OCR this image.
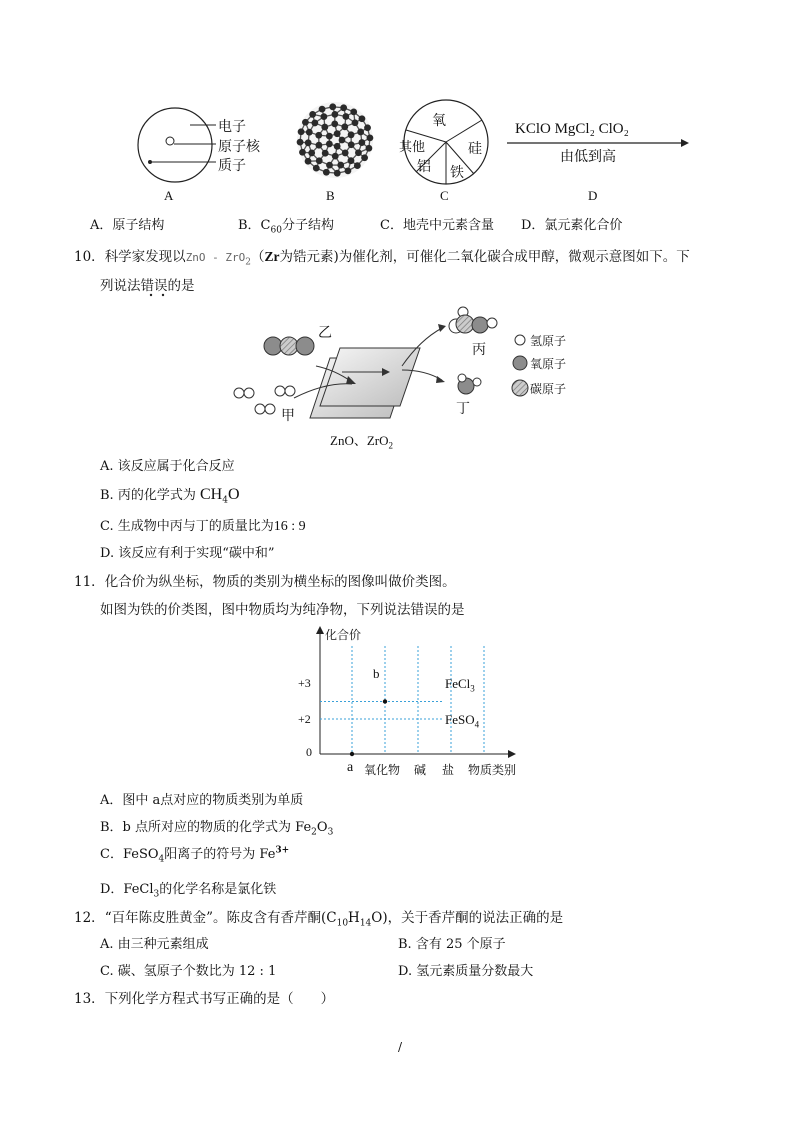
电子
原子核
质子
A	B
氧
硅
铁
铝
其他
C
KClO MgCl₂ ClO₂
由低到高
D
A．原子结构	B．$C_{60}$分子结构	C．地壳中元素含量 D．氯元素化合价
10．科学家发现以ZnO - ZrO$_2$（Zr为锆元素)为催化剂，可催化二氧化碳合成甲醇，微观示意图如下。下
列说法错误的是
乙
甲
丙
丁
ZnO、ZrO$_2$
氢原子
氧原子
碳原子
A. 该反应属于化合反应
B. 丙的化学式为 $CH_4O$
C. 生成物中丙与丁的质量比为16 : 9
D. 该反应有利于实现“碳中和”
11．化合价为纵坐标，物质的类别为横坐标的图像叫做价类图。
如图为铁的价类图，图中物质均为纯净物，下列说法错误的是
化合价
+3
+2
0
a 氧化物 碱 盐 物质类别
b
FeCl$_3$
FeSO$_4$
A．图中 a点对应的物质类别为单质
B．b 点所对应的物质的化学式为 $Fe_2O_3$
C．FeSO$_4$阳离子的符号为 $Fe^{3+}$
D．FeCl$_3$的化学名称是氯化铁
12．“百年陈皮胜黄金”。陈皮含有香芹酮$(C_{10}H_{14}O)$，关于香芹酮的说法正确的是
A. 由三种元素组成	B. 含有 25 个原子
C. 碳、氢原子个数比为 12 : 1	D. 氢元素质量分数最大
13．下列化学方程式书写正确的是（　　）
/
